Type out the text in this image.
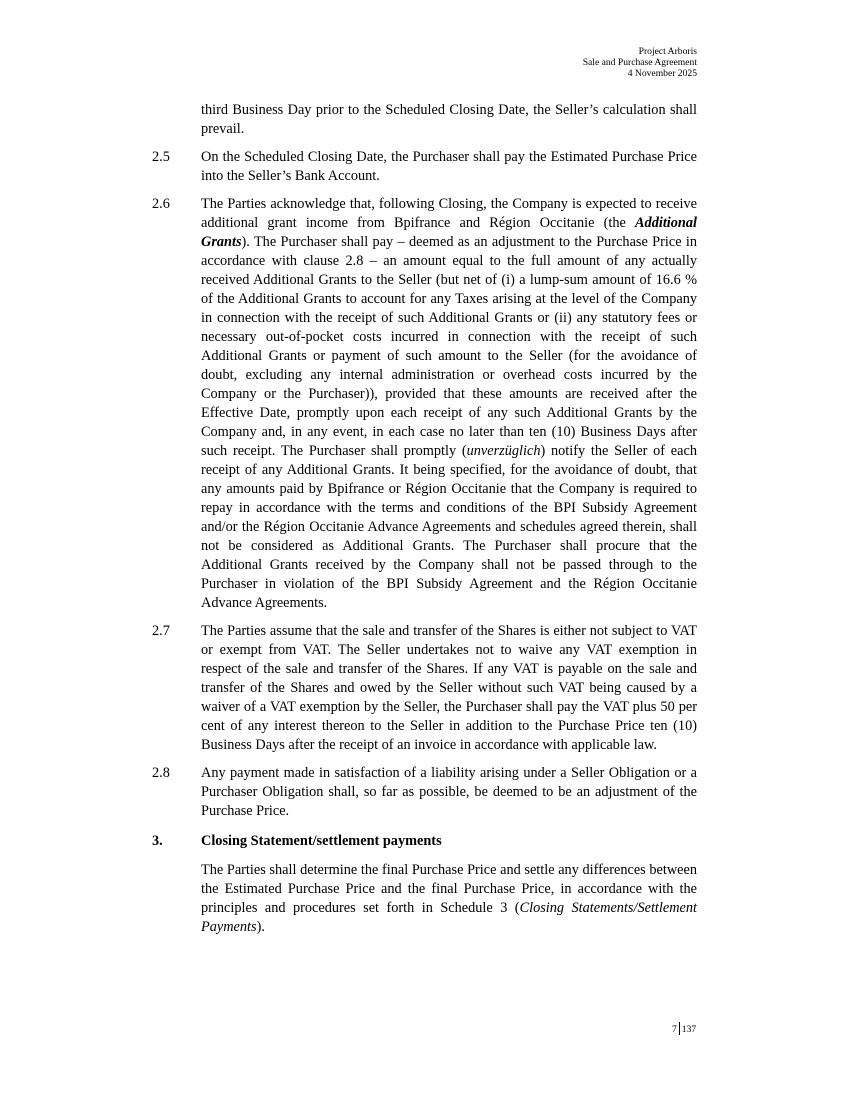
Project Arboris
Sale and Purchase Agreement
4 November 2025
third Business Day prior to the Scheduled Closing Date, the Seller’s calculation shall prevail.
2.5 On the Scheduled Closing Date, the Purchaser shall pay the Estimated Purchase Price into the Seller’s Bank Account.
2.6 The Parties acknowledge that, following Closing, the Company is expected to receive additional grant income from Bpifrance and Région Occitanie (the Additional Grants). The Purchaser shall pay – deemed as an adjustment to the Purchase Price in accordance with clause 2.8 – an amount equal to the full amount of any actually received Additional Grants to the Seller (but net of (i) a lump-sum amount of 16.6 % of the Additional Grants to account for any Taxes arising at the level of the Company in connection with the receipt of such Additional Grants or (ii) any statutory fees or necessary out-of-pocket costs incurred in connection with the receipt of such Additional Grants or payment of such amount to the Seller (for the avoidance of doubt, excluding any internal administration or overhead costs incurred by the Company or the Purchaser)), provided that these amounts are received after the Effective Date, promptly upon each receipt of any such Additional Grants by the Company and, in any event, in each case no later than ten (10) Business Days after such receipt. The Purchaser shall promptly (unverzüglich) notify the Seller of each receipt of any Additional Grants. It being specified, for the avoidance of doubt, that any amounts paid by Bpifrance or Région Occitanie that the Company is required to repay in accordance with the terms and conditions of the BPI Subsidy Agreement and/or the Région Occitanie Advance Agreements and schedules agreed therein, shall not be considered as Additional Grants. The Purchaser shall procure that the Additional Grants received by the Company shall not be passed through to the Purchaser in violation of the BPI Subsidy Agreement and the Région Occitanie Advance Agreements.
2.7 The Parties assume that the sale and transfer of the Shares is either not subject to VAT or exempt from VAT. The Seller undertakes not to waive any VAT exemption in respect of the sale and transfer of the Shares. If any VAT is payable on the sale and transfer of the Shares and owed by the Seller without such VAT being caused by a waiver of a VAT exemption by the Seller, the Purchaser shall pay the VAT plus 50 per cent of any interest thereon to the Seller in addition to the Purchase Price ten (10) Business Days after the receipt of an invoice in accordance with applicable law.
2.8 Any payment made in satisfaction of a liability arising under a Seller Obligation or a Purchaser Obligation shall, so far as possible, be deemed to be an adjustment of the Purchase Price.
3.	Closing Statement/settlement payments
The Parties shall determine the final Purchase Price and settle any differences between the Estimated Purchase Price and the final Purchase Price, in accordance with the principles and procedures set forth in Schedule 3 (Closing Statements/Settlement Payments).
7 137
